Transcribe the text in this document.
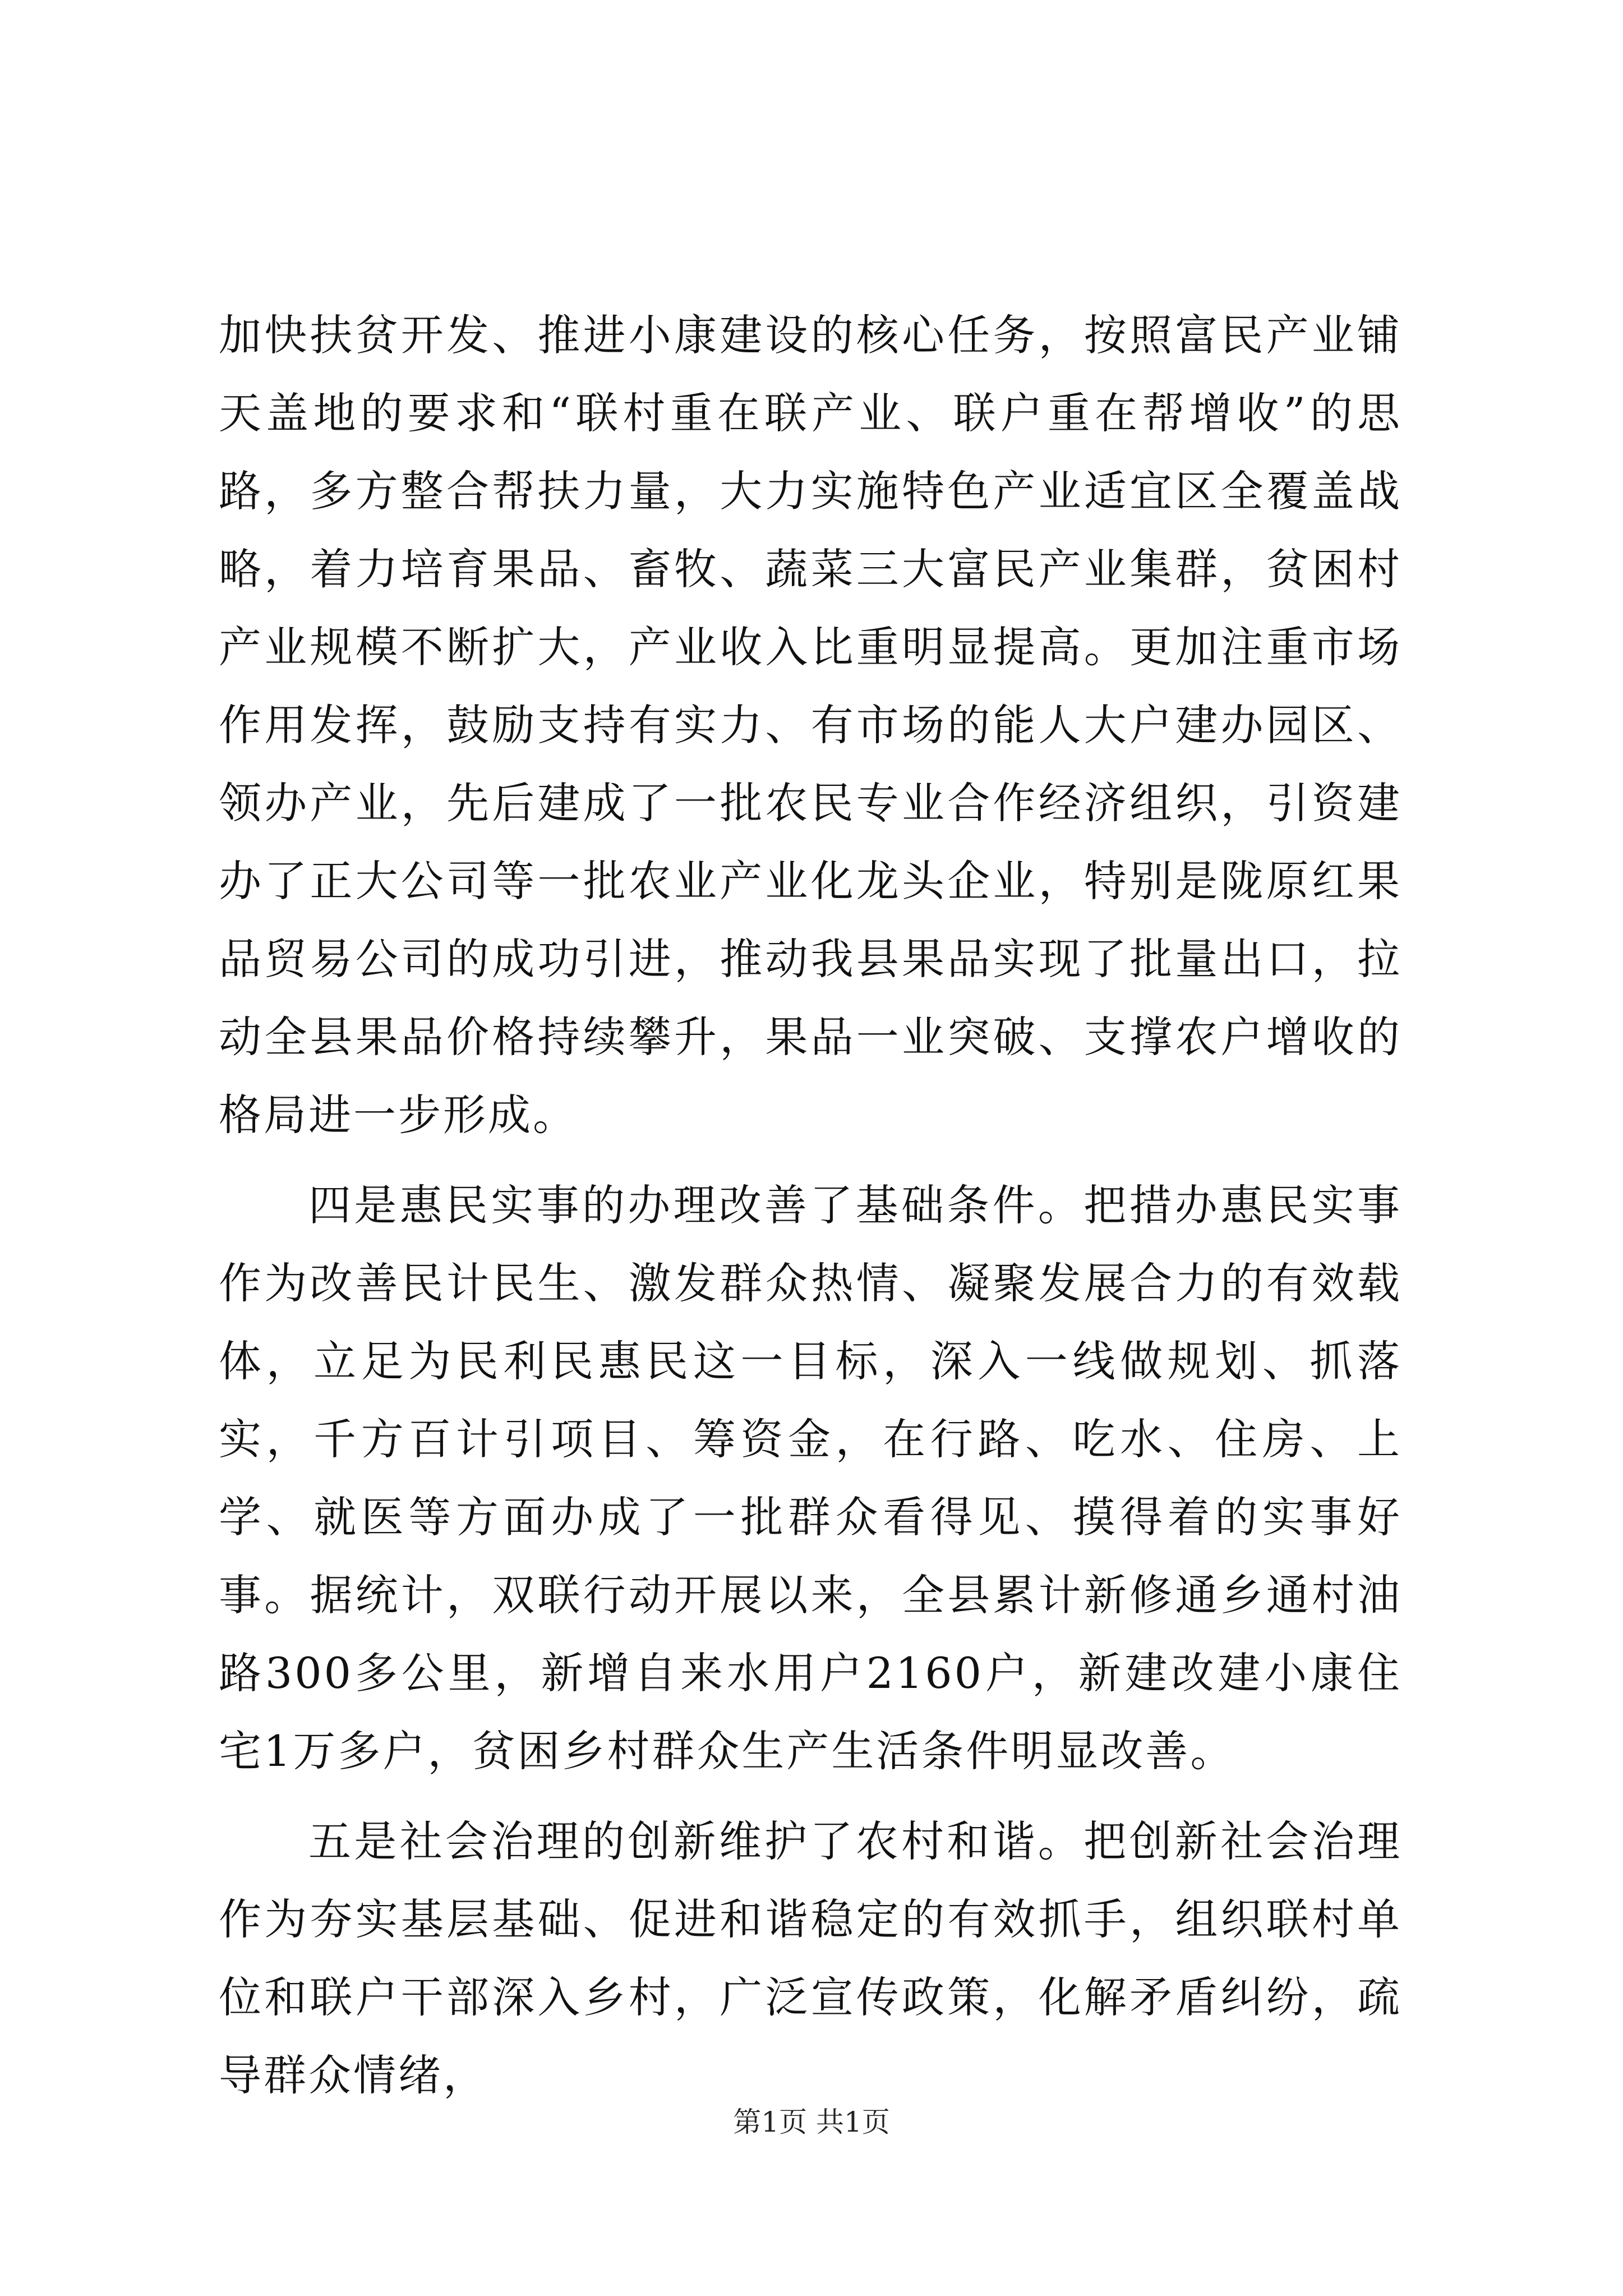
加快扶贫开发、推进小康建设的核心任务，按照富民产业铺天盖地的要求和“联村重在联产业、联户重在帮增收”的思路，多方整合帮扶力量，大力实施特色产业适宜区全覆盖战略，着力培育果品、畜牧、蔬菜三大富民产业集群，贫困村产业规模不断扩大，产业收入比重明显提高。更加注重市场作用发挥，鼓励支持有实力、有市场的能人大户建办园区、领办产业，先后建成了一批农民专业合作经济组织，引资建办了正大公司等一批农业产业化龙头企业，特别是陇原红果品贸易公司的成功引进，推动我县果品实现了批量出口，拉动全县果品价格持续攀升，果品一业突破、支撑农户增收的格局进一步形成。

四是惠民实事的办理改善了基础条件。把措办惠民实事作为改善民计民生、激发群众热情、凝聚发展合力的有效载体，立足为民利民惠民这一目标，深入一线做规划、抓落实，千方百计引项目、筹资金，在行路、吃水、住房、上学、就医等方面办成了一批群众看得见、摸得着的实事好事。据统计，双联行动开展以来，全县累计新修通乡通村油路300多公里，新增自来水用户2160户，新建改建小康住宅1万多户，贫困乡村群众生产生活条件明显改善。

五是社会治理的创新维护了农村和谐。把创新社会治理作为夯实基层基础、促进和谐稳定的有效抓手，组织联村单位和联户干部深入乡村，广泛宣传政策，化解矛盾纠纷，疏导群众情绪，

第1页 共1页
